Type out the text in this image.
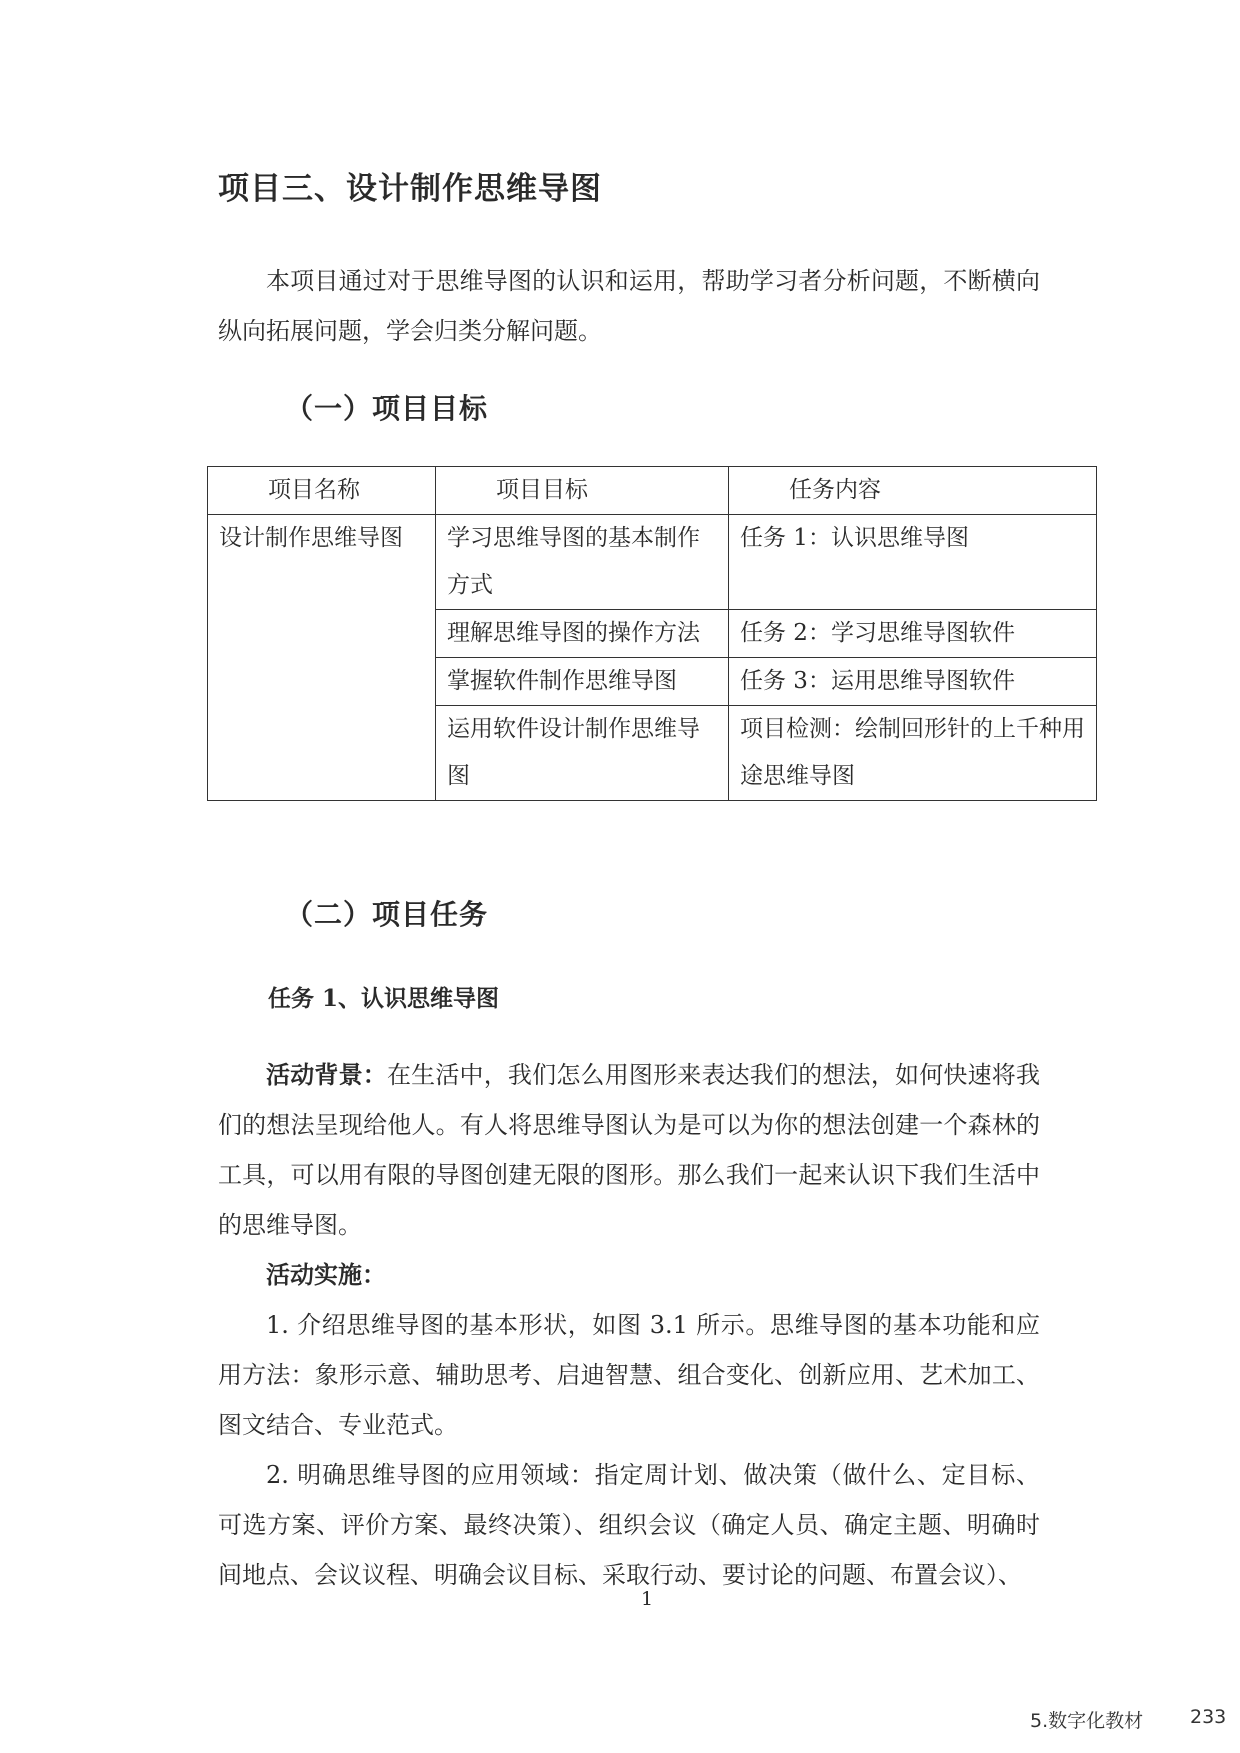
项目三、设计制作思维导图
本项目通过对于思维导图的认识和运用，帮助学习者分析问题，不断横向纵向拓展问题，学会归类分解问题。
（一）项目目标
项目名称	项目目标	任务内容
设计制作思维导图	学习思维导图的基本制作方式	任务 1：认识思维导图
	理解思维导图的操作方法	任务 2：学习思维导图软件
	掌握软件制作思维导图	任务 3：运用思维导图软件
	运用软件设计制作思维导图	项目检测：绘制回形针的上千种用途思维导图
（二）项目任务
任务 1、认识思维导图
活动背景：在生活中，我们怎么用图形来表达我们的想法，如何快速将我们的想法呈现给他人。有人将思维导图认为是可以为你的想法创建一个森林的工具，可以用有限的导图创建无限的图形。那么我们一起来认识下我们生活中的思维导图。
活动实施：
1. 介绍思维导图的基本形状，如图 3.1 所示。思维导图的基本功能和应用方法：象形示意、辅助思考、启迪智慧、组合变化、创新应用、艺术加工、图文结合、专业范式。
2. 明确思维导图的应用领域：指定周计划、做决策（做什么、定目标、可选方案、评价方案、最终决策）、组织会议（确定人员、确定主题、明确时间地点、会议议程、明确会议目标、采取行动、要讨论的问题、布置会议）、
1
5.数字化教材 233
